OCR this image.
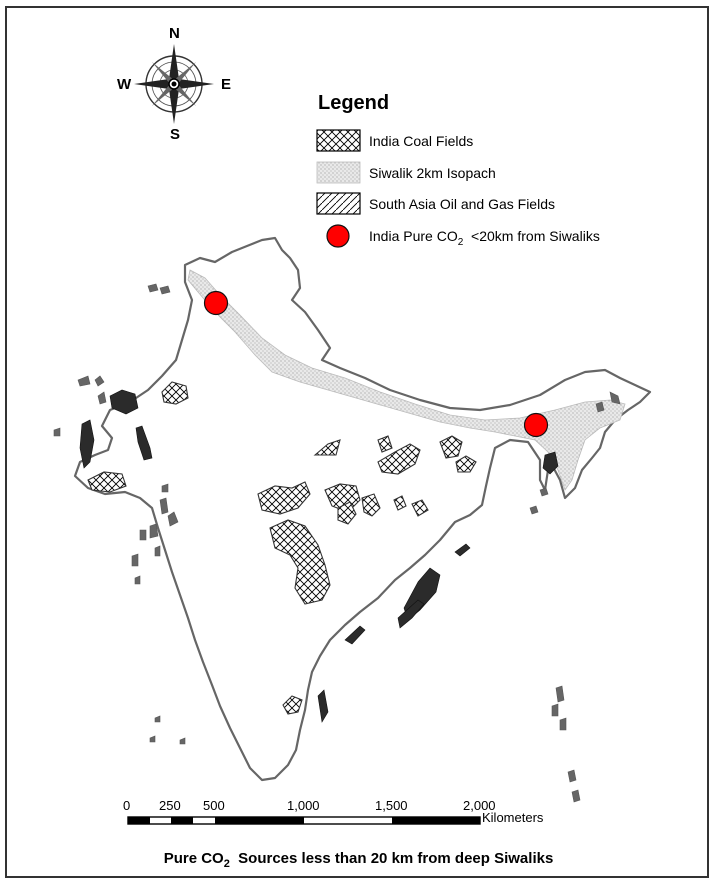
N
W	E
S
Legend
India Coal Fields
Siwalik 2km Isopach
South Asia Oil and Gas Fields
India Pure $CO_2 <20km$ from Siwaliks
0 250 500	1,000	1,500	2,000
Kilometers
Pure $CO_2$  Sources less than 20 km from deep Siwaliks
